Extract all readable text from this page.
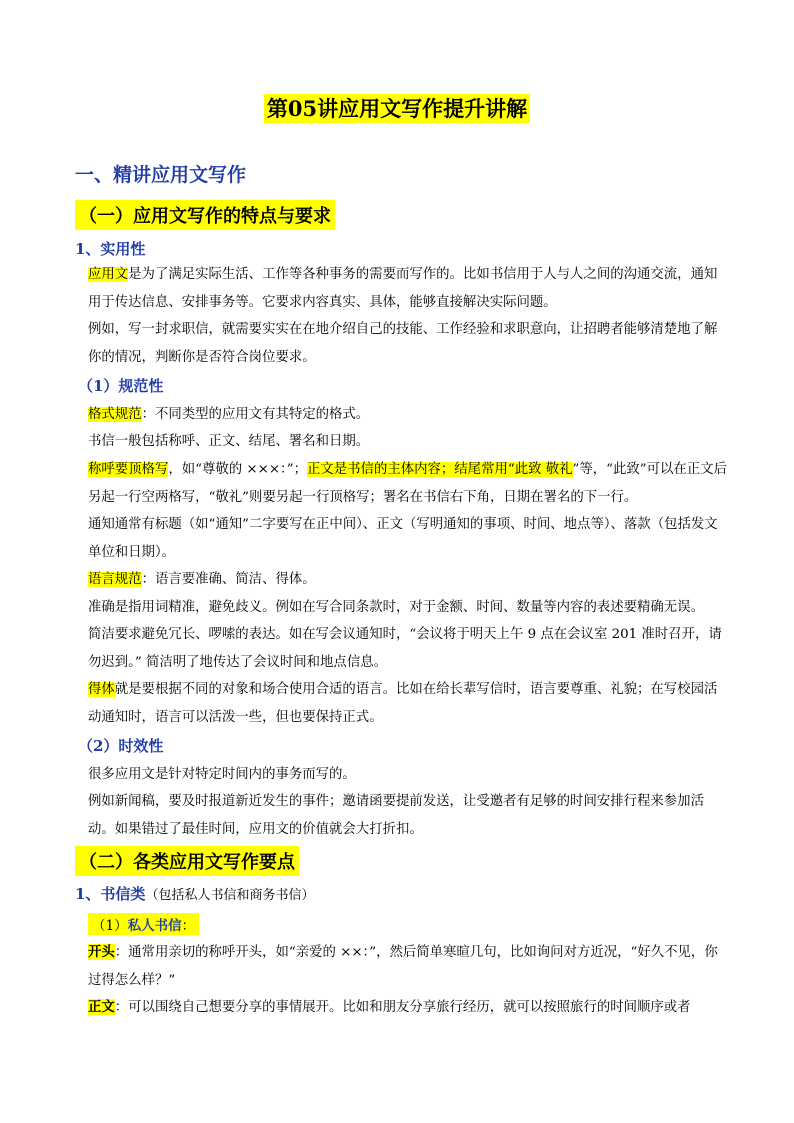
第05讲应用文写作提升讲解
一、精讲应用文写作
（一）应用文写作的特点与要求
1、实用性
应用文是为了满足实际生活、工作等各种事务的需要而写作的。比如书信用于人与人之间的沟通交流，通知用于传达信息、安排事务等。它要求内容真实、具体，能够直接解决实际问题。
例如，写一封求职信，就需要实实在在地介绍自己的技能、工作经验和求职意向，让招聘者能够清楚地了解你的情况，判断你是否符合岗位要求。
（1）规范性
格式规范：不同类型的应用文有其特定的格式。
书信一般包括称呼、正文、结尾、署名和日期。
称呼要顶格写，如“尊敬的 ×××：”；正文是书信的主体内容；结尾常用“此致 敬礼”等，“此致”可以在正文后另起一行空两格写，“敬礼”则要另起一行顶格写；署名在书信右下角，日期在署名的下一行。
通知通常有标题（如“通知”二字要写在正中间）、正文（写明通知的事项、时间、地点等）、落款（包括发文单位和日期）。
语言规范：语言要准确、简洁、得体。
准确是指用词精准，避免歧义。例如在写合同条款时，对于金额、时间、数量等内容的表述要精确无误。
简洁要求避免冗长、啰嗦的表达。如在写会议通知时，“会议将于明天上午 9 点在会议室 201 准时召开，请勿迟到。” 简洁明了地传达了会议时间和地点信息。
得体就是要根据不同的对象和场合使用合适的语言。比如在给长辈写信时，语言要尊重、礼貌；在写校园活动通知时，语言可以活泼一些，但也要保持正式。
（2）时效性
很多应用文是针对特定时间内的事务而写的。
例如新闻稿，要及时报道新近发生的事件；邀请函要提前发送，让受邀者有足够的时间安排行程来参加活动。如果错过了最佳时间，应用文的价值就会大打折扣。
（二）各类应用文写作要点
1、书信类（包括私人书信和商务书信）
（1）私人书信：
开头：通常用亲切的称呼开头，如“亲爱的 ××：”，然后简单寒暄几句，比如询问对方近况，“好久不见，你过得怎么样？”
正文：可以围绕自己想要分享的事情展开。比如和朋友分享旅行经历，就可以按照旅行的时间顺序或者
